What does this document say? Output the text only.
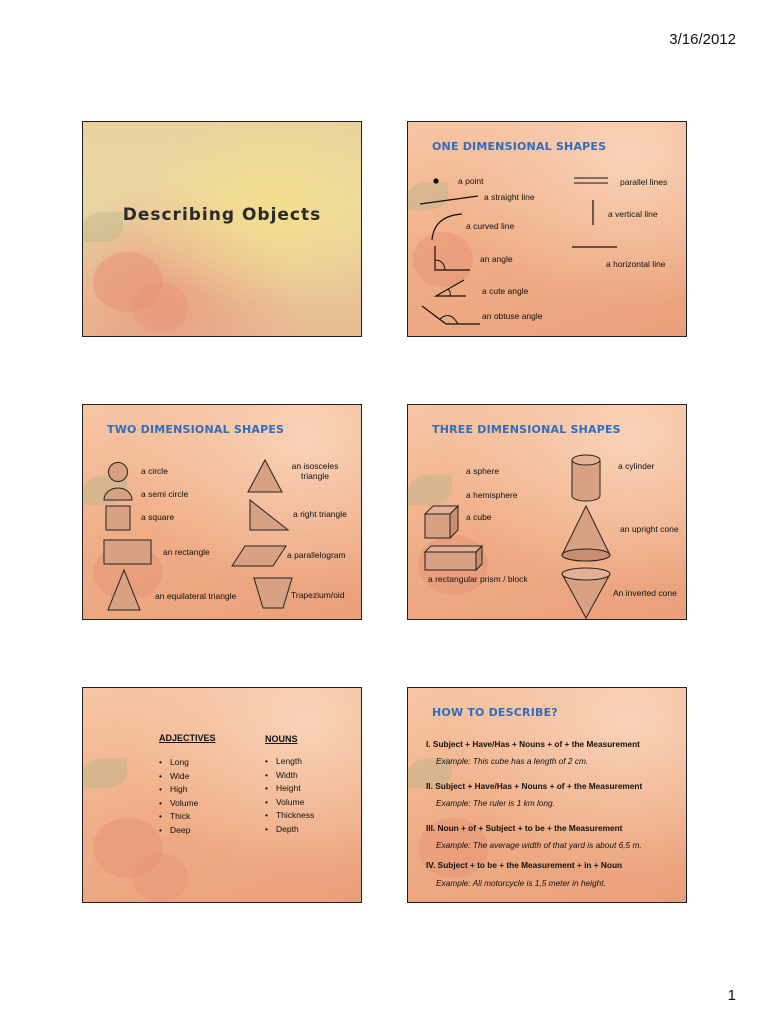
3/16/2012
Describing Objects
ONE DIMENSIONAL SHAPES
a point
a straight line
a curved line
an angle
a cute angle
an obtuse angle
parallel lines
a vertical line
a horizontal line
TWO DIMENSIONAL SHAPES
a circle
a semi circle
a square
an rectangle
an equilateral triangle
an isosceles triangle
a right triangle
a parallelogram
Trapezium/oid
THREE DIMENSIONAL SHAPES
a sphere
a hemisphere
a cube
a rectangular prism / block
a cylinder
an upright cone
An inverted cone
ADJECTIVES	NOUNS
• Long
• Wide
• High
• Volume
• Thick
• Deep
• Length
• Width
• Height
• Volume
• Thickness
• Depth
HOW TO DESCRIBE?
I. Subject + Have/Has + Nouns + of + the Measurement
Example: This cube has a length of 2 cm.
II. Subject + Have/Has + Nouns + of + the Measurement
Example: The ruler is 1 km long.
III. Noun + of + Subject + to be + the Measurement
Example: The average width of that yard is about 6,5 m.
IV. Subject + to be + the Measurement + in + Noun
Example: Ali motorcycle is 1,5 meter in height.
1
